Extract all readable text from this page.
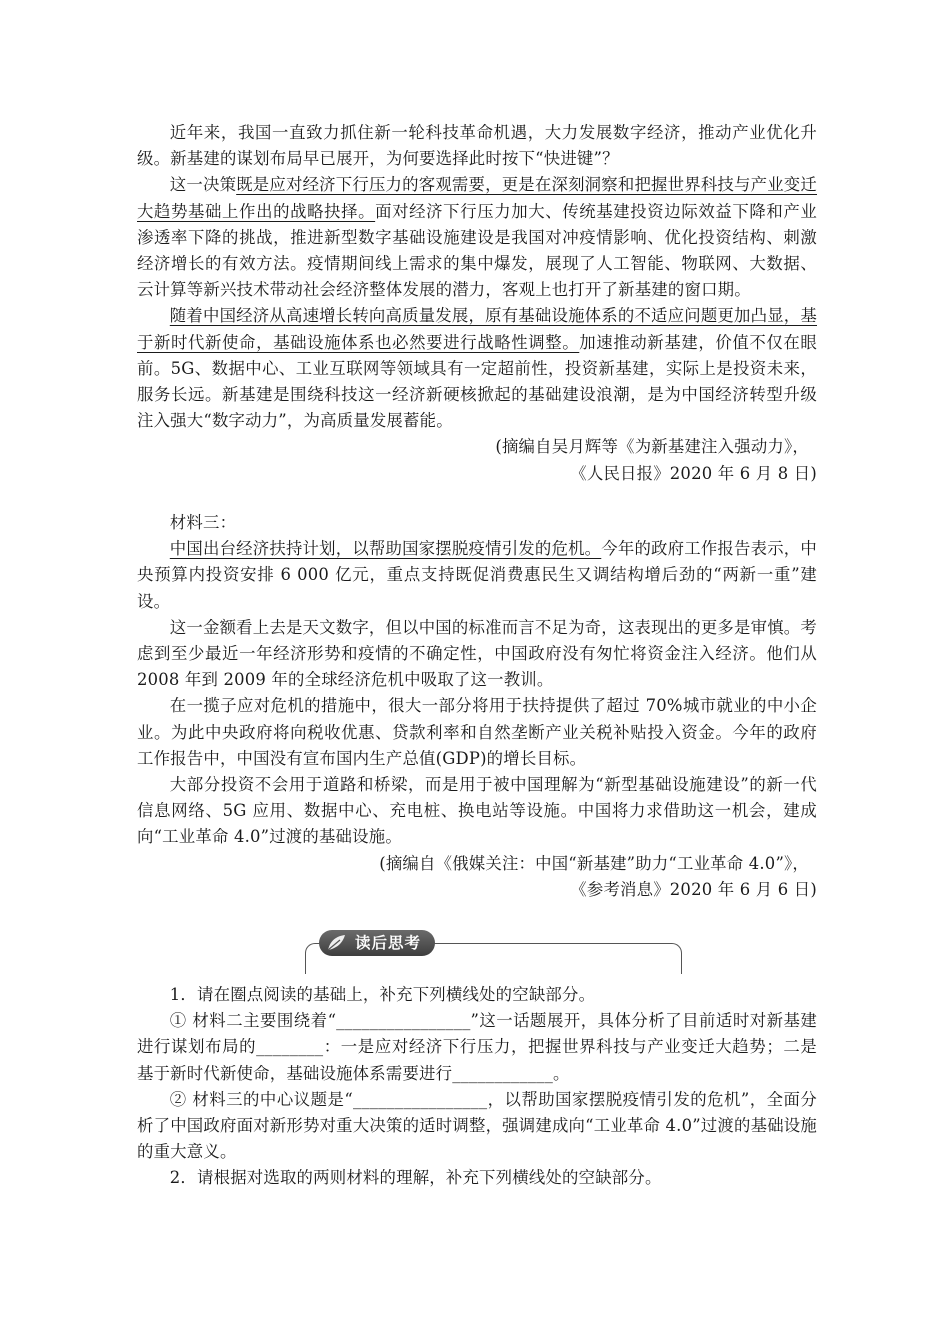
近年来，我国一直致力抓住新一轮科技革命机遇，大力发展数字经济，推动产业优化升级。新基建的谋划布局早已展开，为何要选择此时按下“快进键”？

这一决策既是应对经济下行压力的客观需要，更是在深刻洞察和把握世界科技与产业变迁大趋势基础上作出的战略抉择。面对经济下行压力加大、传统基建投资边际效益下降和产业渗透率下降的挑战，推进新型数字基础设施建设是我国对冲疫情影响、优化投资结构、刺激经济增长的有效方法。疫情期间线上需求的集中爆发，展现了人工智能、物联网、大数据、云计算等新兴技术带动社会经济整体发展的潜力，客观上也打开了新基建的窗口期。

随着中国经济从高速增长转向高质量发展，原有基础设施体系的不适应问题更加凸显，基于新时代新使命，基础设施体系也必然要进行战略性调整。加速推动新基建，价值不仅在眼前。5G、数据中心、工业互联网等领域具有一定超前性，投资新基建，实际上是投资未来，服务长远。新基建是围绕科技这一经济新硬核掀起的基础建设浪潮，是为中国经济转型升级注入强大“数字动力”，为高质量发展蓄能。

(摘编自吴月辉等《为新基建注入强动力》，

《人民日报》2020 年 6 月 8 日)

材料三：

中国出台经济扶持计划，以帮助国家摆脱疫情引发的危机。今年的政府工作报告表示，中央预算内投资安排 6 000 亿元，重点支持既促消费惠民生又调结构增后劲的“两新一重”建设。

这一金额看上去是天文数字，但以中国的标准而言不足为奇，这表现出的更多是审慎。考虑到至少最近一年经济形势和疫情的不确定性，中国政府没有匆忙将资金注入经济。他们从 2008 年到 2009 年的全球经济危机中吸取了这一教训。

在一揽子应对危机的措施中，很大一部分将用于扶持提供了超过 70%城市就业的中小企业。为此中央政府将向税收优惠、贷款利率和自然垄断产业关税补贴投入资金。今年的政府工作报告中，中国没有宣布国内生产总值(GDP)的增长目标。

大部分投资不会用于道路和桥梁，而是用于被中国理解为“新型基础设施建设”的新一代信息网络、5G 应用、数据中心、充电桩、换电站等设施。中国将力求借助这一机会，建成向“工业革命 4.0”过渡的基础设施。

(摘编自《俄媒关注：中国“新基建”助力“工业革命 4.0”》，

《参考消息》2020 年 6 月 6 日)

读后思考

1．请在圈点阅读的基础上，补充下列横线处的空缺部分。

① 材料二主要围绕着“________________”这一话题展开，具体分析了目前适时对新基建进行谋划布局的________：一是应对经济下行压力，把握世界科技与产业变迁大趋势；二是基于新时代新使命，基础设施体系需要进行____________。

② 材料三的中心议题是“________________，以帮助国家摆脱疫情引发的危机”，全面分析了中国政府面对新形势对重大决策的适时调整，强调建成向“工业革命 4.0”过渡的基础设施的重大意义。

2．请根据对选取的两则材料的理解，补充下列横线处的空缺部分。
